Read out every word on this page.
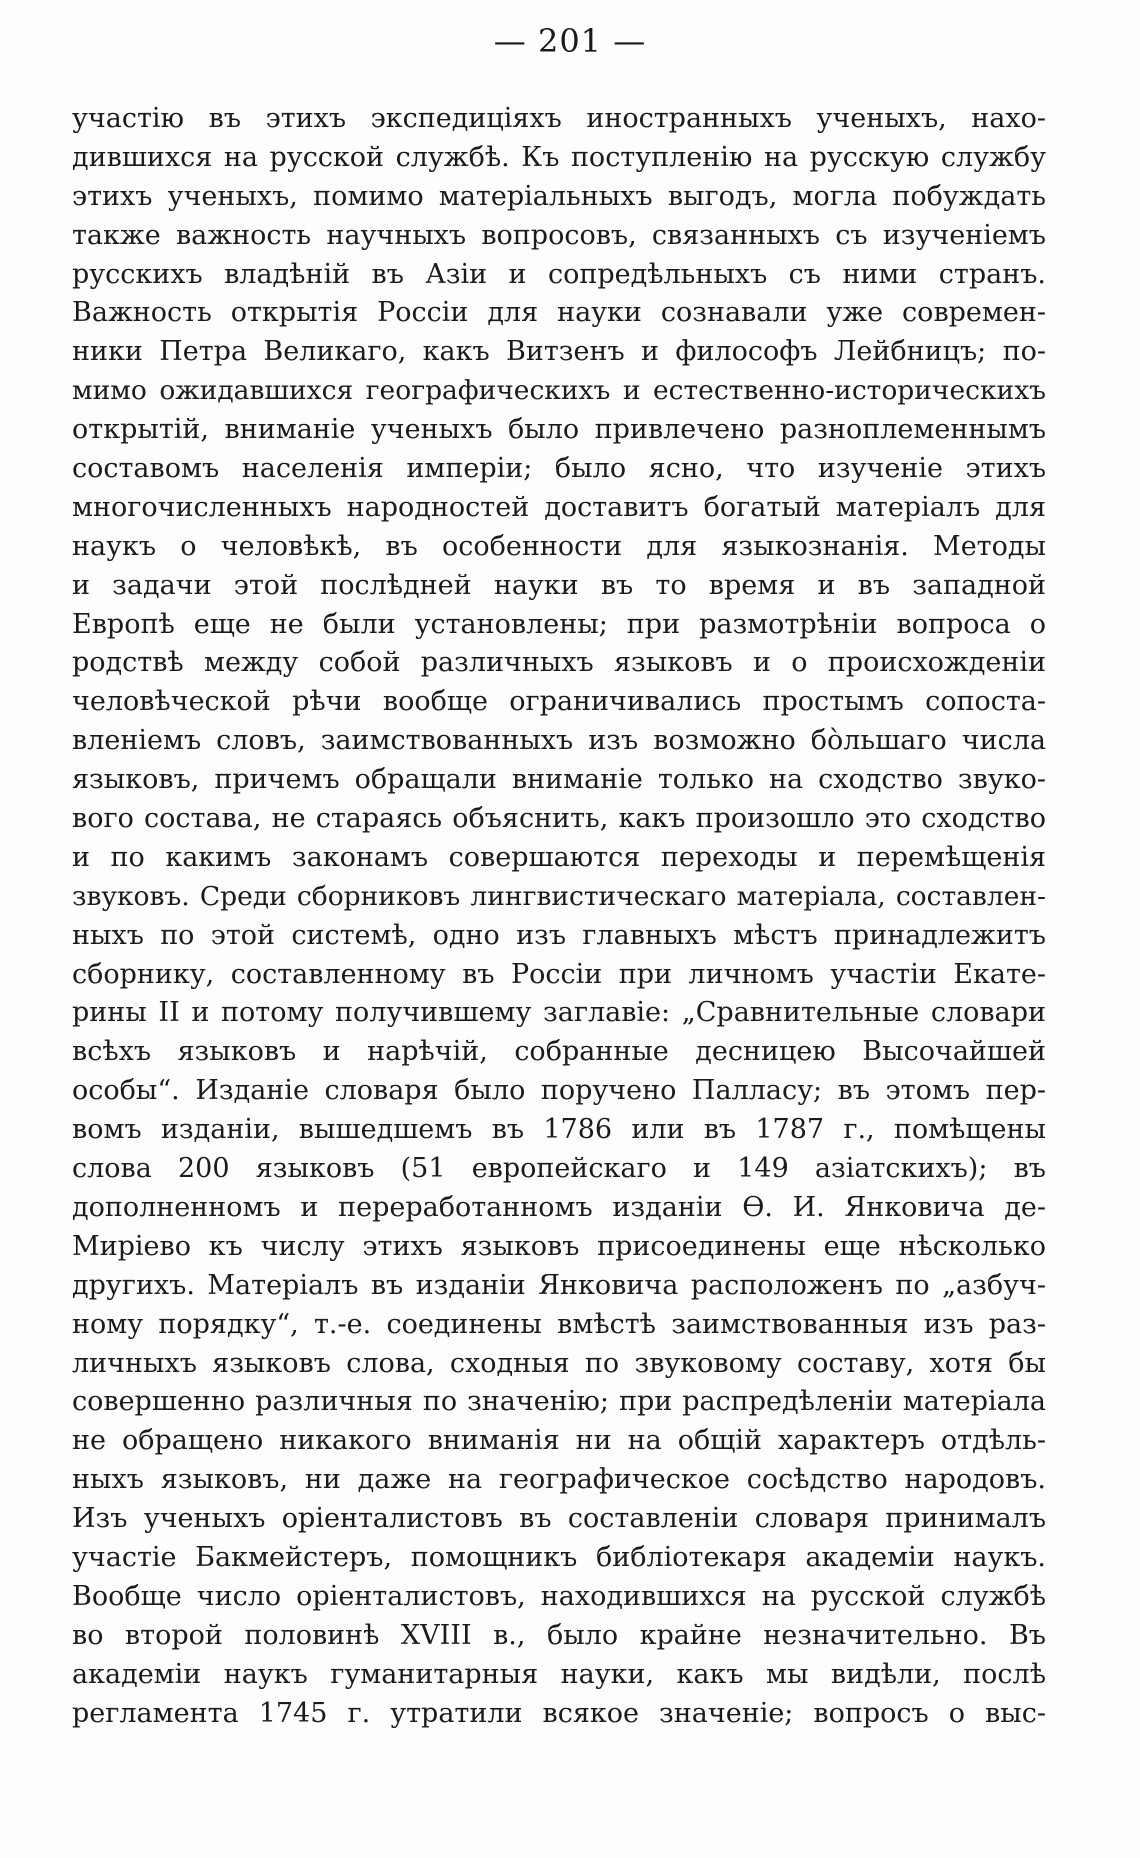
— 201 —
участію въ этихъ экспедиціяхъ иностранныхъ ученыхъ, нахо-
дившихся на русской службѣ. Къ поступленію на русскую службу
этихъ ученыхъ, помимо матеріальныхъ выгодъ, могла побуждать
также важность научныхъ вопросовъ, связанныхъ съ изученіемъ
русскихъ владѣній въ Азіи и сопредѣльныхъ съ ними странъ.
Важность открытія Россіи для науки сознавали уже современ-
ники Петра Великаго, какъ Витзенъ и философъ Лейбницъ; по-
мимо ожидавшихся географическихъ и естественно-историческихъ
открытій, вниманіе ученыхъ было привлечено разноплеменнымъ
составомъ населенія имперіи; было ясно, что изученіе этихъ
многочисленныхъ народностей доставитъ богатый матеріалъ для
наукъ о человѣкѣ, въ особенности для языкознанія. Методы
и задачи этой послѣдней науки въ то время и въ западной
Европѣ еще не были установлены; при размотрѣніи вопроса о
родствѣ между собой различныхъ языковъ и о происхожденіи
человѣческой рѣчи вообще ограничивались простымъ сопоста-
вленіемъ словъ, заимствованныхъ изъ возможно бо̀льшаго числа
языковъ, причемъ обращали вниманіе только на сходство звуко-
вого состава, не стараясь объяснить, какъ произошло это сходство
и по какимъ законамъ совершаются переходы и перемѣщенія
звуковъ. Среди сборниковъ лингвистическаго матеріала, составлен-
ныхъ по этой системѣ, одно изъ главныхъ мѣстъ принадлежитъ
сборнику, составленному въ Россіи при личномъ участіи Екате-
рины II и потому получившему заглавіе: „Сравнительные словари
всѣхъ языковъ и нарѣчій, собранные десницею Высочайшей
особы“. Изданіе словаря было поручено Палласу; въ этомъ пер-
вомъ изданіи, вышедшемъ въ 1786 или въ 1787 г., помѣщены
слова 200 языковъ (51 европейскаго и 149 азіатскихъ); въ
дополненномъ и переработанномъ изданіи Ѳ. И. Янковича де-
Миріево къ числу этихъ языковъ присоединены еще нѣсколько
другихъ. Матеріалъ въ изданіи Янковича расположенъ по „азбуч-
ному порядку“, т.-е. соединены вмѣстѣ заимствованныя изъ раз-
личныхъ языковъ слова, сходныя по звуковому составу, хотя бы
совершенно различныя по значенію; при распредѣленіи матеріала
не обращено никакого вниманія ни на общій характеръ отдѣль-
ныхъ языковъ, ни даже на географическое сосѣдство народовъ.
Изъ ученыхъ оріенталистовъ въ составленіи словаря принималъ
участіе Бакмейстеръ, помощникъ библіотекаря академіи наукъ.
Вообще число оріенталистовъ, находившихся на русской службѣ
во второй половинѣ XVIII в., было крайне незначительно. Въ
академіи наукъ гуманитарныя науки, какъ мы видѣли, послѣ
регламента 1745 г. утратили всякое значеніе; вопросъ о выс-
